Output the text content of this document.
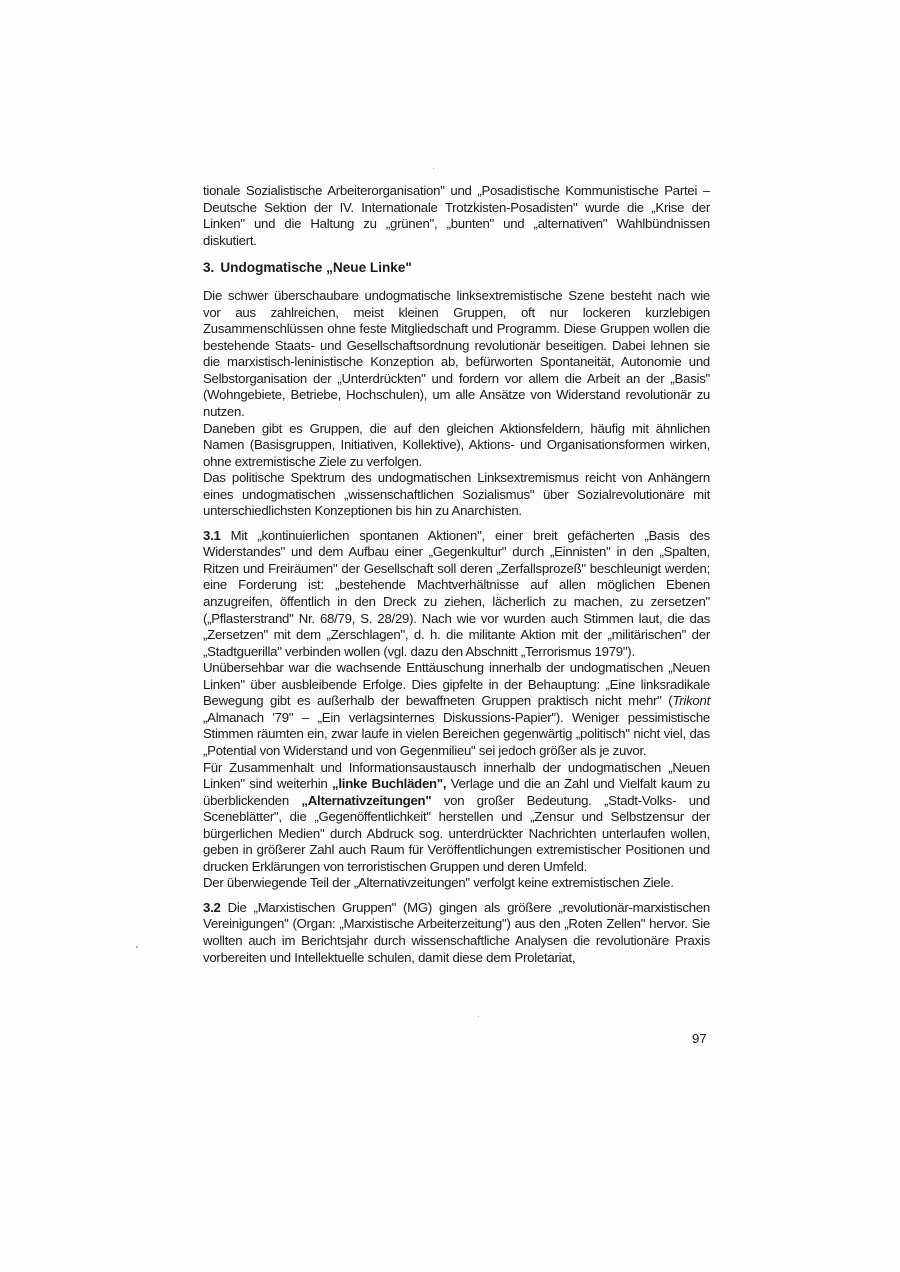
tionale Sozialistische Arbeiterorganisation" und „Posadistische Kommunistische Partei – Deutsche Sektion der IV. Internationale Trotzkisten-Posadisten" wurde die „Krise der Linken" und die Haltung zu „grünen", „bunten" und „alternativen" Wahlbündnissen diskutiert.

3. Undogmatische „Neue Linke"

Die schwer überschaubare undogmatische linksextremistische Szene besteht nach wie vor aus zahlreichen, meist kleinen Gruppen, oft nur lockeren kurzlebigen Zusammenschlüssen ohne feste Mitgliedschaft und Programm. Diese Gruppen wollen die bestehende Staats- und Gesellschaftsordnung revolutionär beseitigen. Dabei lehnen sie die marxistisch-leninistische Konzeption ab, befürworten Spontaneität, Autonomie und Selbstorganisation der „Unterdrückten" und fordern vor allem die Arbeit an der „Basis" (Wohngebiete, Betriebe, Hochschulen), um alle Ansätze von Widerstand revolutionär zu nutzen.

Daneben gibt es Gruppen, die auf den gleichen Aktionsfeldern, häufig mit ähnlichen Namen (Basisgruppen, Initiativen, Kollektive), Aktions- und Organisationsformen wirken, ohne extremistische Ziele zu verfolgen.

Das politische Spektrum des undogmatischen Linksextremismus reicht von Anhängern eines undogmatischen „wissenschaftlichen Sozialismus" über Sozialrevolutionäre mit unterschiedlichsten Konzeptionen bis hin zu Anarchisten.

3.1 Mit „kontinuierlichen spontanen Aktionen", einer breit gefächerten „Basis des Widerstandes" und dem Aufbau einer „Gegenkultur" durch „Einnisten" in den „Spalten, Ritzen und Freiräumen" der Gesellschaft soll deren „Zerfallsprozeß" beschleunigt werden; eine Forderung ist: „bestehende Machtverhältnisse auf allen möglichen Ebenen anzugreifen, öffentlich in den Dreck zu ziehen, lächerlich zu machen, zu zersetzen" („Pflasterstrand" Nr. 68/79, S. 28/29). Nach wie vor wurden auch Stimmen laut, die das „Zersetzen" mit dem „Zerschlagen", d. h. die militante Aktion mit der „militärischen" der „Stadtguerilla" verbinden wollen (vgl. dazu den Abschnitt „Terrorismus 1979").

Unübersehbar war die wachsende Enttäuschung innerhalb der undogmatischen „Neuen Linken" über ausbleibende Erfolge. Dies gipfelte in der Behauptung: „Eine linksradikale Bewegung gibt es außerhalb der bewaffneten Gruppen praktisch nicht mehr" (Trikont „Almanach '79" – „Ein verlagsinternes Diskussions-Papier"). Weniger pessimistische Stimmen räumten ein, zwar laufe in vielen Bereichen gegenwärtig „politisch" nicht viel, das „Potential von Widerstand und von Gegenmilieu" sei jedoch größer als je zuvor.

Für Zusammenhalt und Informationsaustausch innerhalb der undogmatischen „Neuen Linken" sind weiterhin „linke Buchläden", Verlage und die an Zahl und Vielfalt kaum zu überblickenden „Alternativzeitungen" von großer Bedeutung. „Stadt-Volks- und Sceneblätter", die „Gegenöffentlichkeit" herstellen und „Zensur und Selbstzensur der bürgerlichen Medien" durch Abdruck sog. unterdrückter Nachrichten unterlaufen wollen, geben in größerer Zahl auch Raum für Veröffentlichungen extremistischer Positionen und drucken Erklärungen von terroristischen Gruppen und deren Umfeld.

Der überwiegende Teil der „Alternativzeitungen" verfolgt keine extremistischen Ziele.

3.2 Die „Marxistischen Gruppen" (MG) gingen als größere „revolutionär-marxistischen Vereinigungen" (Organ: „Marxistische Arbeiterzeitung") aus den „Roten Zellen" hervor. Sie wollten auch im Berichtsjahr durch wissenschaftliche Analysen die revolutionäre Praxis vorbereiten und Intellektuelle schulen, damit diese dem Proletariat,

97
